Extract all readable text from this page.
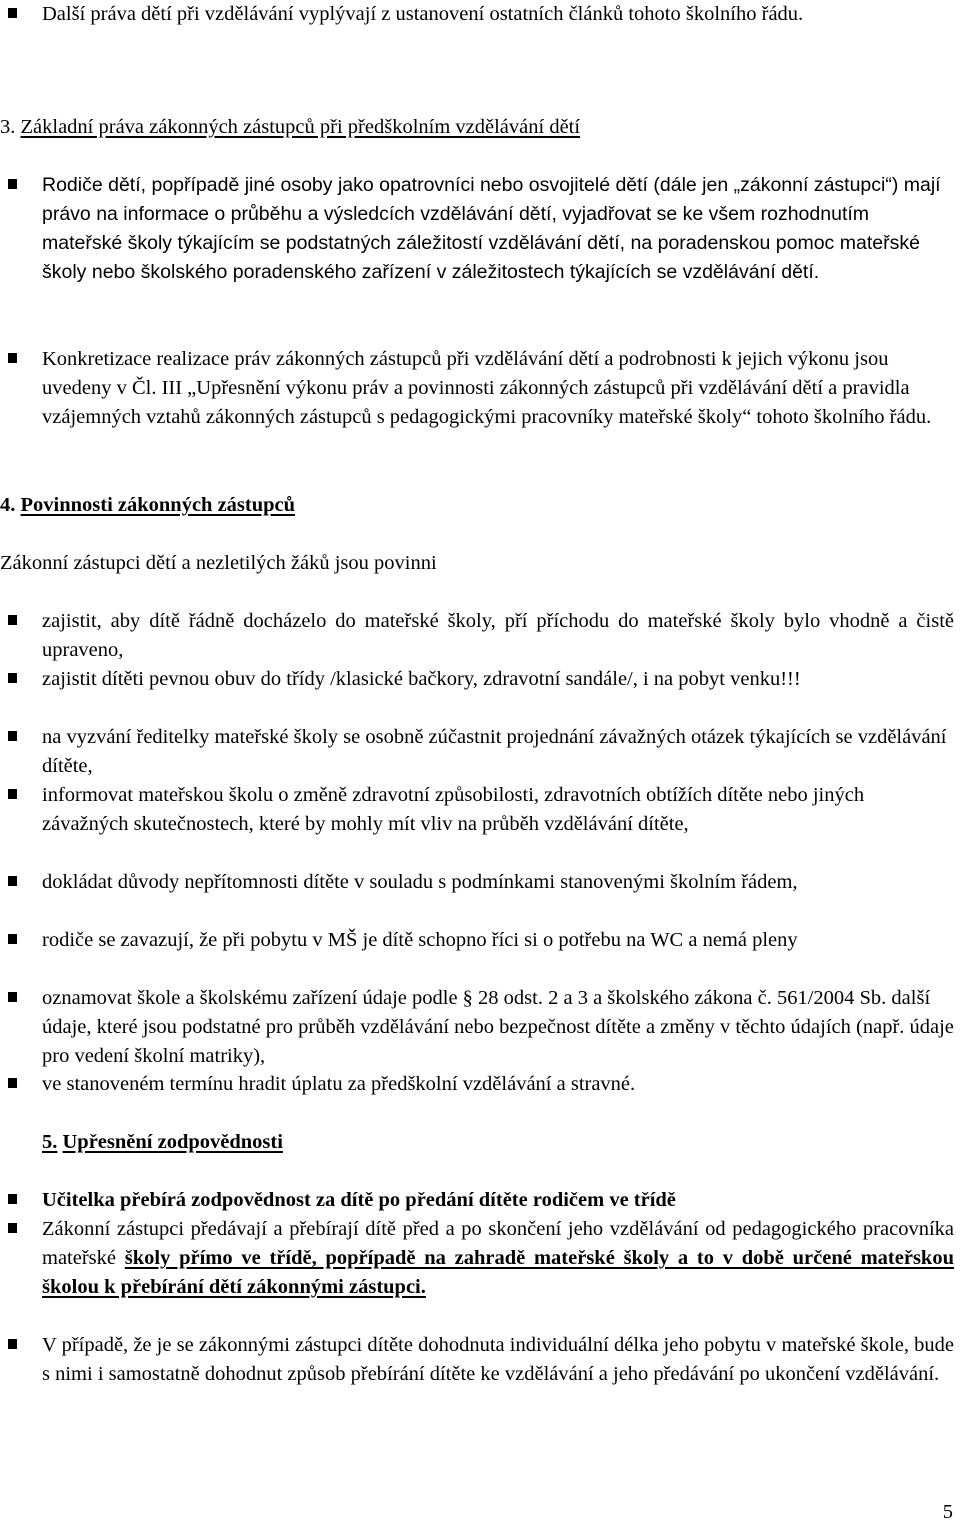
Další práva dětí při vzdělávání vyplývají z ustanovení ostatních článků tohoto školního řádu.
3. Základní práva zákonných zástupců při předškolním vzdělávání dětí
Rodiče dětí, popřípadě jiné osoby jako opatrovníci nebo osvojitelé dětí (dále jen „zákonní zástupci“) mají právo na informace o průběhu a výsledcích vzdělávání dětí, vyjadřovat se ke všem rozhodnutím mateřské školy týkajícím se podstatných záležitostí vzdělávání dětí, na poradenskou pomoc mateřské školy nebo školského poradenského zařízení v záležitostech týkajících se vzdělávání dětí.
Konkretizace realizace práv zákonných zástupců při vzdělávání dětí a podrobnosti k jejich výkonu jsou uvedeny v Čl. III „Upřesnění výkonu práv a povinnosti zákonných zástupců při vzdělávání dětí a pravidla vzájemných vztahů zákonných zástupců s pedagogickými pracovníky mateřské školy“ tohoto školního řádu.
4. Povinnosti zákonných zástupců
Zákonní zástupci dětí a nezletilých žáků jsou povinni
zajistit, aby dítě řádně docházelo do mateřské školy, pří příchodu do mateřské školy bylo vhodně a čistě upraveno,
zajistit dítěti pevnou obuv do třídy /klasické bačkory, zdravotní sandále/, i na pobyt venku!!!
na vyzvání ředitelky mateřské školy se osobně zúčastnit projednání závažných otázek týkajících se vzdělávání dítěte,
informovat mateřskou školu o změně zdravotní způsobilosti, zdravotních obtížích dítěte nebo jiných závažných skutečnostech, které by mohly mít vliv na průběh vzdělávání dítěte,
dokládat důvody nepřítomnosti dítěte v souladu s podmínkami stanovenými školním řádem,
rodiče se zavazují, že při pobytu v MŠ je dítě schopno říci si o potřebu na WC a nemá pleny
oznamovat škole a školskému zařízení údaje podle § 28 odst. 2 a 3 a školského zákona č. 561/2004 Sb. další údaje, které jsou podstatné pro průběh vzdělávání nebo bezpečnost dítěte a změny v těchto údajích (např. údaje pro vedení školní matriky),
ve stanoveném termínu hradit úplatu za předškolní vzdělávání a stravné.
5. Upřesnění zodpovědnosti
Učitelka přebírá zodpovědnost za dítě po předání dítěte rodičem ve třídě
Zákonní zástupci předávají a přebírají dítě před a po skončení jeho vzdělávání od pedagogického pracovníka mateřské školy přímo ve třídě, popřípadě na zahradě mateřské školy a to v době určené mateřskou školou k přebírání dětí zákonnými zástupci.
V případě, že je se zákonnými zástupci dítěte dohodnuta individuální délka jeho pobytu v mateřské škole, bude s nimi i samostatně dohodnut způsob přebírání dítěte ke vzdělávání a jeho předávání po ukončení vzdělávání.
5
